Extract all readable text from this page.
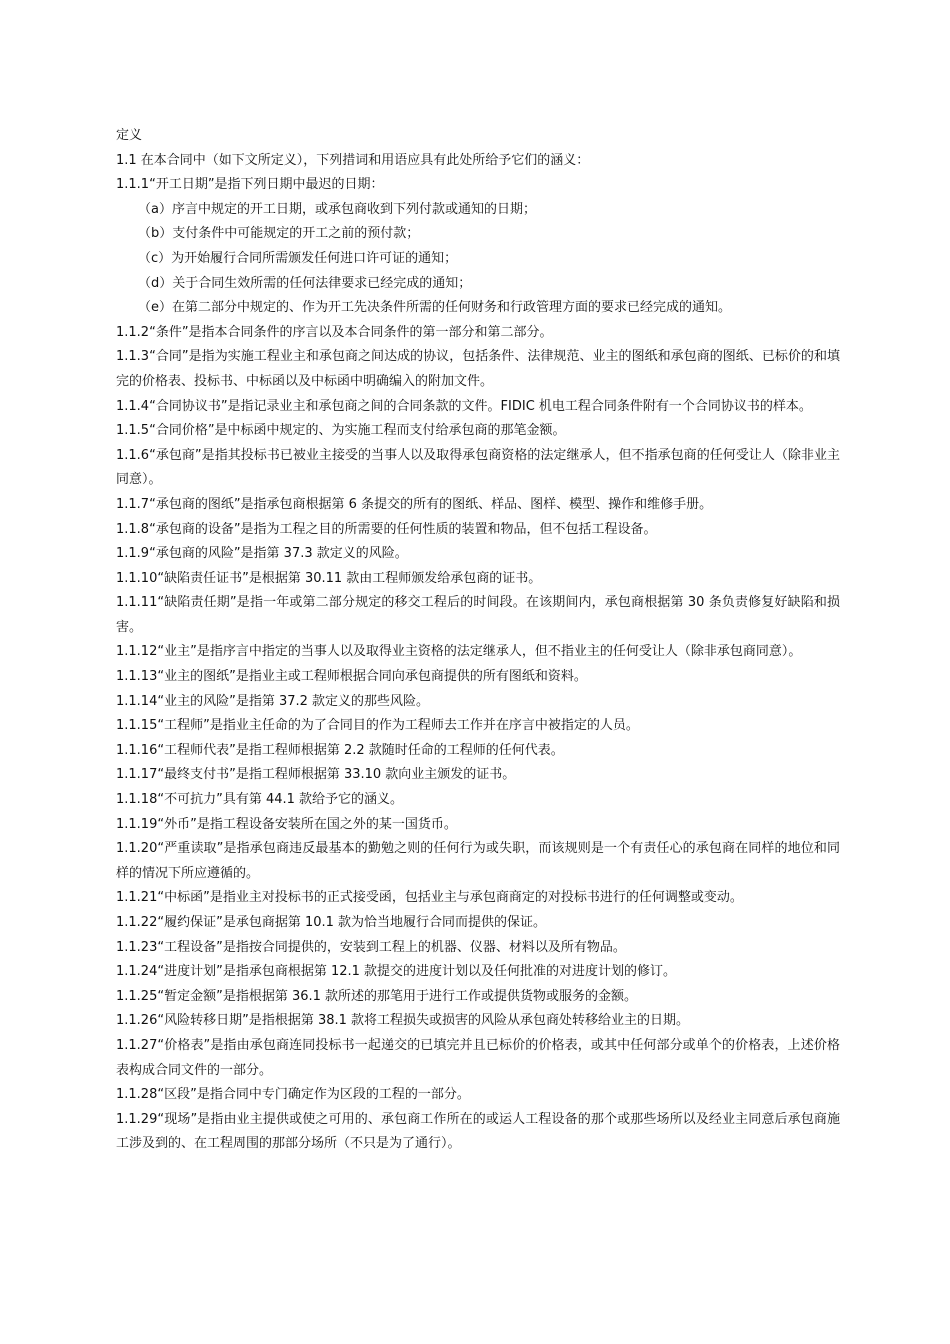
定义
1.1 在本合同中（如下文所定义），下列措词和用语应具有此处所给予它们的涵义：
1.1.1“开工日期”是指下列日期中最迟的日期：
（a）序言中规定的开工日期，或承包商收到下列付款或通知的日期；
（b）支付条件中可能规定的开工之前的预付款；
（c）为开始履行合同所需颁发任何进口许可证的通知；
（d）关于合同生效所需的任何法律要求已经完成的通知；
（e）在第二部分中规定的、作为开工先决条件所需的任何财务和行政管理方面的要求已经完成的通知。
1.1.2“条件”是指本合同条件的序言以及本合同条件的第一部分和第二部分。
1.1.3“合同”是指为实施工程业主和承包商之间达成的协议，包括条件、法律规范、业主的图纸和承包商的图纸、已标价的和填完的价格表、投标书、中标函以及中标函中明确编入的附加文件。
1.1.4“合同协议书”是指记录业主和承包商之间的合同条款的文件。FIDIC 机电工程合同条件附有一个合同协议书的样本。
1.1.5“合同价格”是中标函中规定的、为实施工程而支付给承包商的那笔金额。
1.1.6“承包商”是指其投标书已被业主接受的当事人以及取得承包商资格的法定继承人，但不指承包商的任何受让人（除非业主同意）。
1.1.7“承包商的图纸”是指承包商根据第 6 条提交的所有的图纸、样品、图样、模型、操作和维修手册。
1.1.8“承包商的设备”是指为工程之目的所需要的任何性质的装置和物品，但不包括工程设备。
1.1.9“承包商的风险”是指第 37.3 款定义的风险。
1.1.10“缺陷责任证书”是根据第 30.11 款由工程师颁发给承包商的证书。
1.1.11“缺陷责任期”是指一年或第二部分规定的移交工程后的时间段。在该期间内，承包商根据第 30 条负责修复好缺陷和损害。
1.1.12“业主”是指序言中指定的当事人以及取得业主资格的法定继承人，但不指业主的任何受让人（除非承包商同意）。
1.1.13“业主的图纸”是指业主或工程师根据合同向承包商提供的所有图纸和资料。
1.1.14“业主的风险”是指第 37.2 款定义的那些风险。
1.1.15“工程师”是指业主任命的为了合同目的作为工程师去工作并在序言中被指定的人员。
1.1.16“工程师代表”是指工程师根据第 2.2 款随时任命的工程师的任何代表。
1.1.17“最终支付书”是指工程师根据第 33.10 款向业主颁发的证书。
1.1.18“不可抗力”具有第 44.1 款给予它的涵义。
1.1.19“外币”是指工程设备安装所在国之外的某一国货币。
1.1.20“严重读取”是指承包商违反最基本的勤勉之则的任何行为或失职，而该规则是一个有责任心的承包商在同样的地位和同样的情况下所应遵循的。
1.1.21“中标函”是指业主对投标书的正式接受函，包括业主与承包商商定的对投标书进行的任何调整或变动。
1.1.22“履约保证”是承包商据第 10.1 款为恰当地履行合同而提供的保证。
1.1.23“工程设备”是指按合同提供的，安装到工程上的机器、仪器、材料以及所有物品。
1.1.24“进度计划”是指承包商根据第 12.1 款提交的进度计划以及任何批准的对进度计划的修订。
1.1.25“暂定金额”是指根据第 36.1 款所述的那笔用于进行工作或提供货物或服务的金额。
1.1.26“风险转移日期”是指根据第 38.1 款将工程损失或损害的风险从承包商处转移给业主的日期。
1.1.27“价格表”是指由承包商连同投标书一起递交的已填完并且已标价的价格表，或其中任何部分或单个的价格表，上述价格表构成合同文件的一部分。
1.1.28“区段”是指合同中专门确定作为区段的工程的一部分。
1.1.29“现场”是指由业主提供或使之可用的、承包商工作所在的或运人工程设备的那个或那些场所以及经业主同意后承包商施工涉及到的、在工程周围的那部分场所（不只是为了通行）。
